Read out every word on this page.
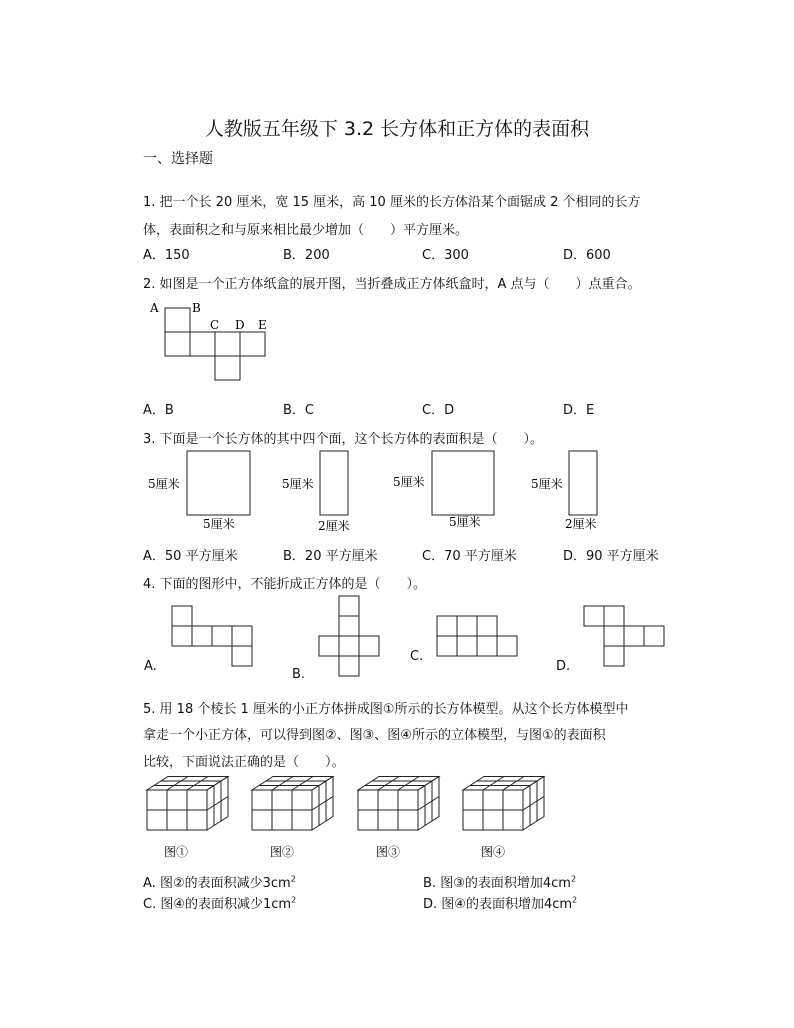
人教版五年级下 3.2 长方体和正方体的表面积
一、选择题
1. 把一个长 20 厘米，宽 15 厘米，高 10 厘米的长方体沿某个面锯成 2 个相同的长方
体，表面积之和与原来相比最少增加（　　）平方厘米。
A．150	B．200	C．300	D．600
2. 如图是一个正方体纸盒的展开图，当折叠成正方体纸盒时，A 点与（　　）点重合。
A	B
C D E
A．B	B．C	C．D	D．E
3. 下面是一个长方体的其中四个面，这个长方体的表面积是（　　）。
5厘米
5厘米
5厘米
2厘米
5厘米
5厘米
5厘米
2厘米
A．50 平方厘米	B．20 平方厘米	C．70 平方厘米	D．90 平方厘米
4. 下面的图形中，不能折成正方体的是（　　）。
A.
B.
C.
D.
5. 用 18 个棱长 1 厘米的小正方体拼成图①所示的长方体模型。从这个长方体模型中
拿走一个小正方体，可以得到图②、图③、图④所示的立体模型，与图①的表面积
比较，下面说法正确的是（　　）。
图①	图②	图③	图④
A. 图②的表面积减少$3cm^2$	B. 图③的表面积增加$4cm^2$
C. 图④的表面积减少$1cm^2$	D. 图④的表面积增加$4cm^2$
